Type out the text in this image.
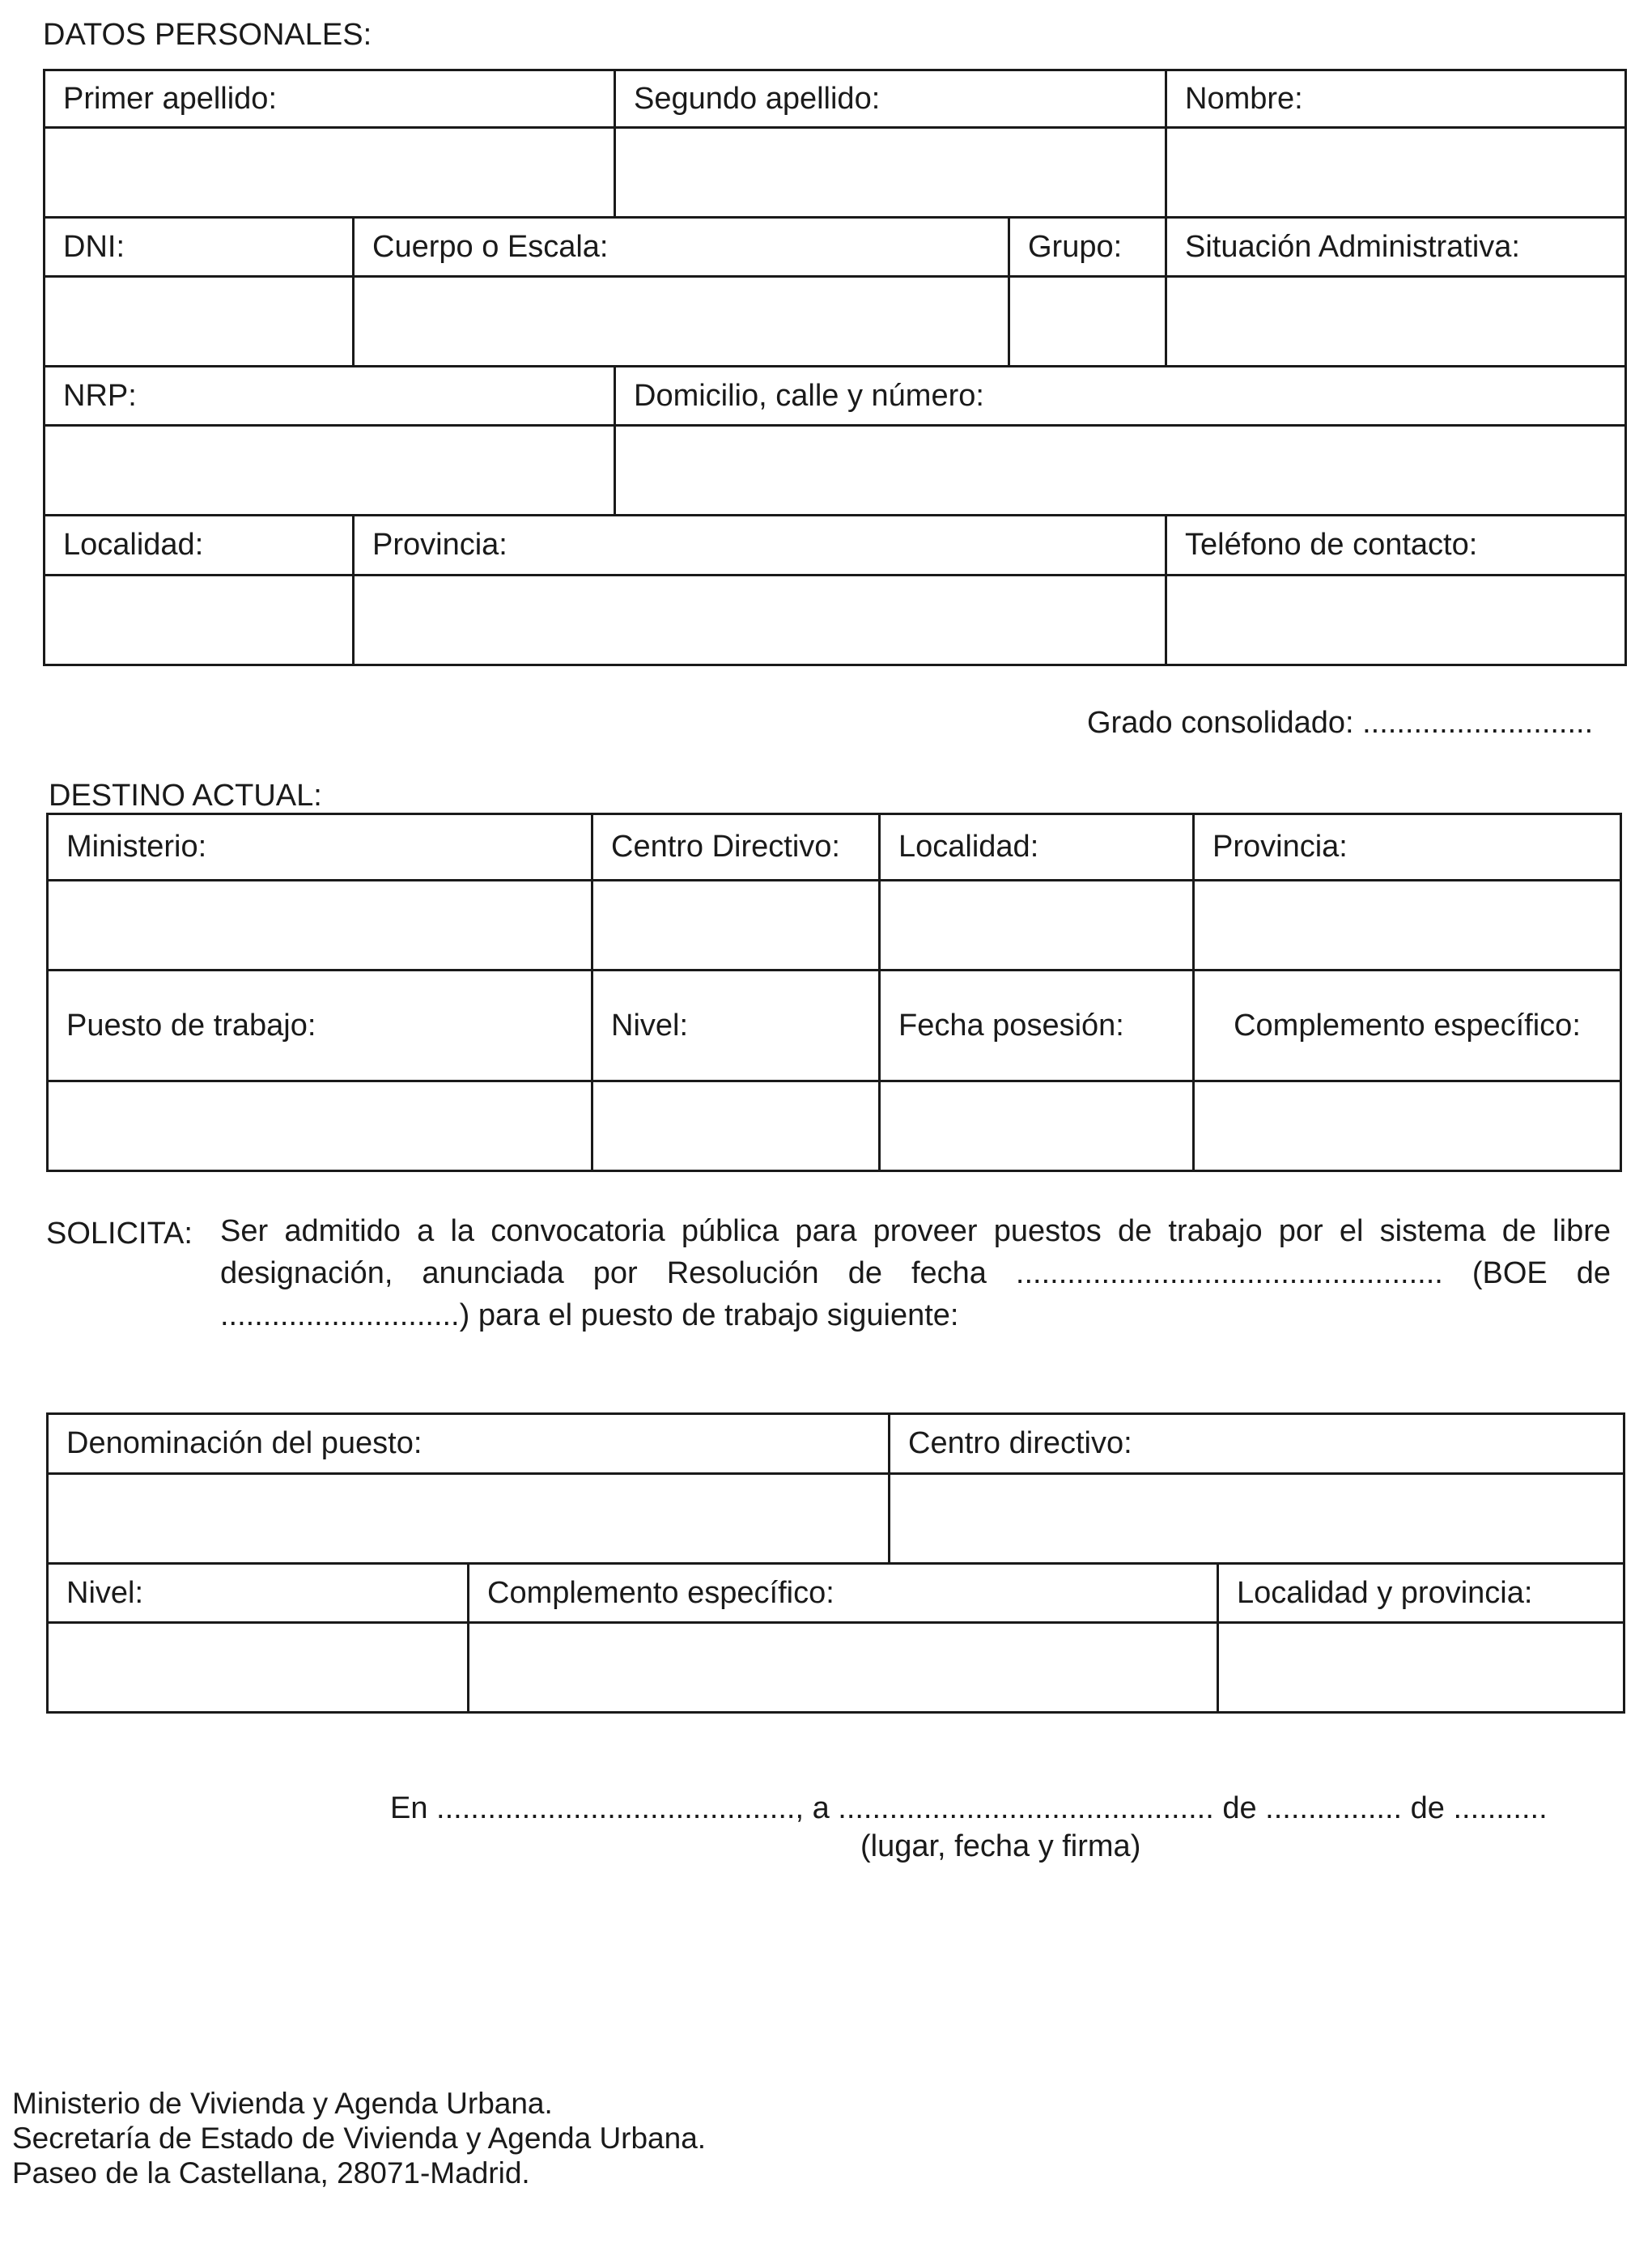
DATOS PERSONALES:
Primer apellido:		Segundo apellido:		Nombre:

DNI:	Cuerpo o Escala:		Grupo:	Situación Administrativa:

NRP:		Domicilio, calle y número:		

Localidad:	Provincia:			Teléfono de contacto:

Grado consolidado: ...........................
DESTINO ACTUAL:
Ministerio:	Centro Directivo:	Localidad:	Provincia:

Puesto de trabajo:	Nivel:	Fecha posesión:	Complemento específico:

SOLICITA: Ser admitido a la convocatoria pública para proveer puestos de trabajo por el sistema de libre designación, anunciada por Resolución de fecha .................................................. (BOE de ............................) para el puesto de trabajo siguiente:
Denominación del puesto:		Centro directivo:	

Nivel:	Complemento específico:		Localidad y provincia:

En .........................................., a ............................................ de ................ de ...........
(lugar, fecha y firma)
Ministerio de Vivienda y Agenda Urbana.
Secretaría de Estado de Vivienda y Agenda Urbana.
Paseo de la Castellana, 28071-Madrid.
